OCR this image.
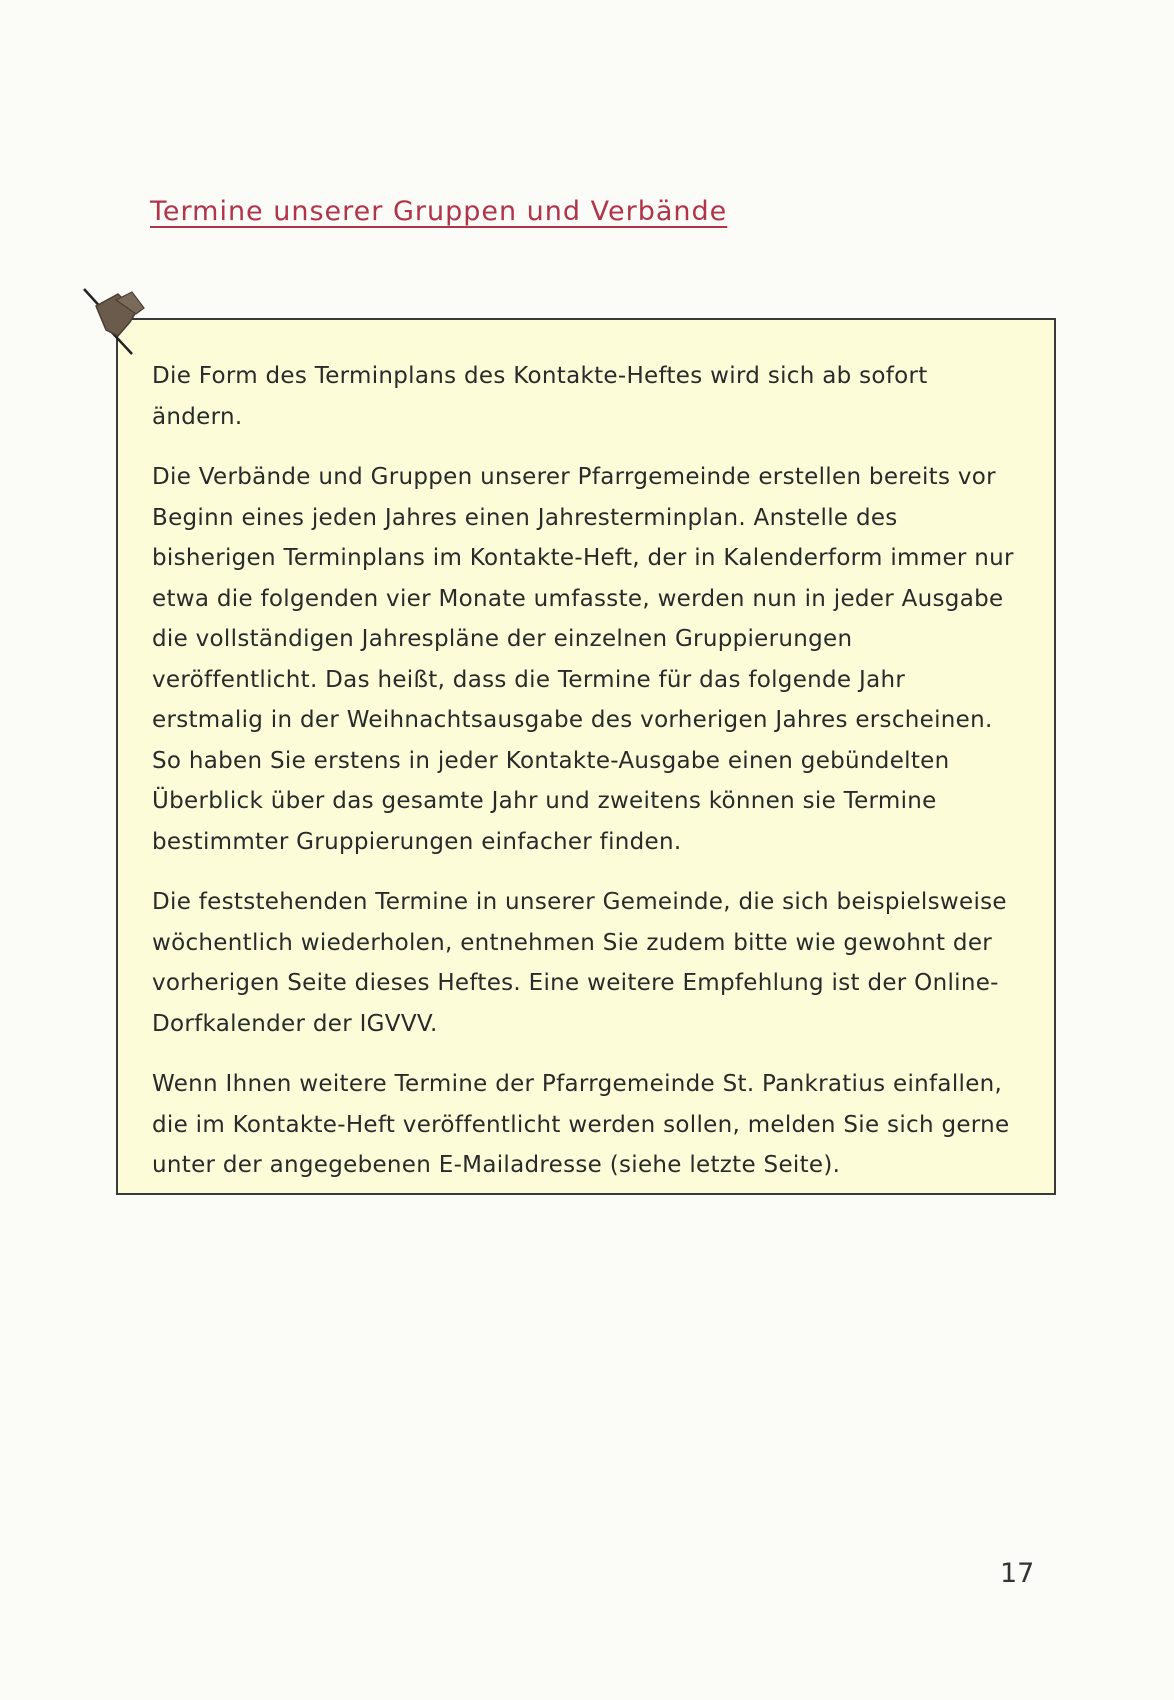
Termine unserer Gruppen und Verbände

Die Form des Terminplans des Kontakte-Heftes wird sich ab sofort ändern.

Die Verbände und Gruppen unserer Pfarrgemeinde erstellen bereits vor Beginn eines jeden Jahres einen Jahresterminplan. Anstelle des bisherigen Terminplans im Kontakte-Heft, der in Kalenderform immer nur etwa die folgenden vier Monate umfasste, werden nun in jeder Ausgabe die vollständigen Jahrespläne der einzelnen Gruppierungen veröffentlicht. Das heißt, dass die Termine für das folgende Jahr erstmalig in der Weihnachtsausgabe des vorherigen Jahres erscheinen. So haben Sie erstens in jeder Kontakte-Ausgabe einen gebündelten Überblick über das gesamte Jahr und zweitens können sie Termine bestimmter Gruppierungen einfacher finden.

Die feststehenden Termine in unserer Gemeinde, die sich beispielsweise wöchentlich wiederholen, entnehmen Sie zudem bitte wie gewohnt der vorherigen Seite dieses Heftes. Eine weitere Empfehlung ist der Online-Dorfkalender der IGVVV.

Wenn Ihnen weitere Termine der Pfarrgemeinde St. Pankratius einfallen, die im Kontakte-Heft veröffentlicht werden sollen, melden Sie sich gerne unter der angegebenen E-Mailadresse (siehe letzte Seite).

17
